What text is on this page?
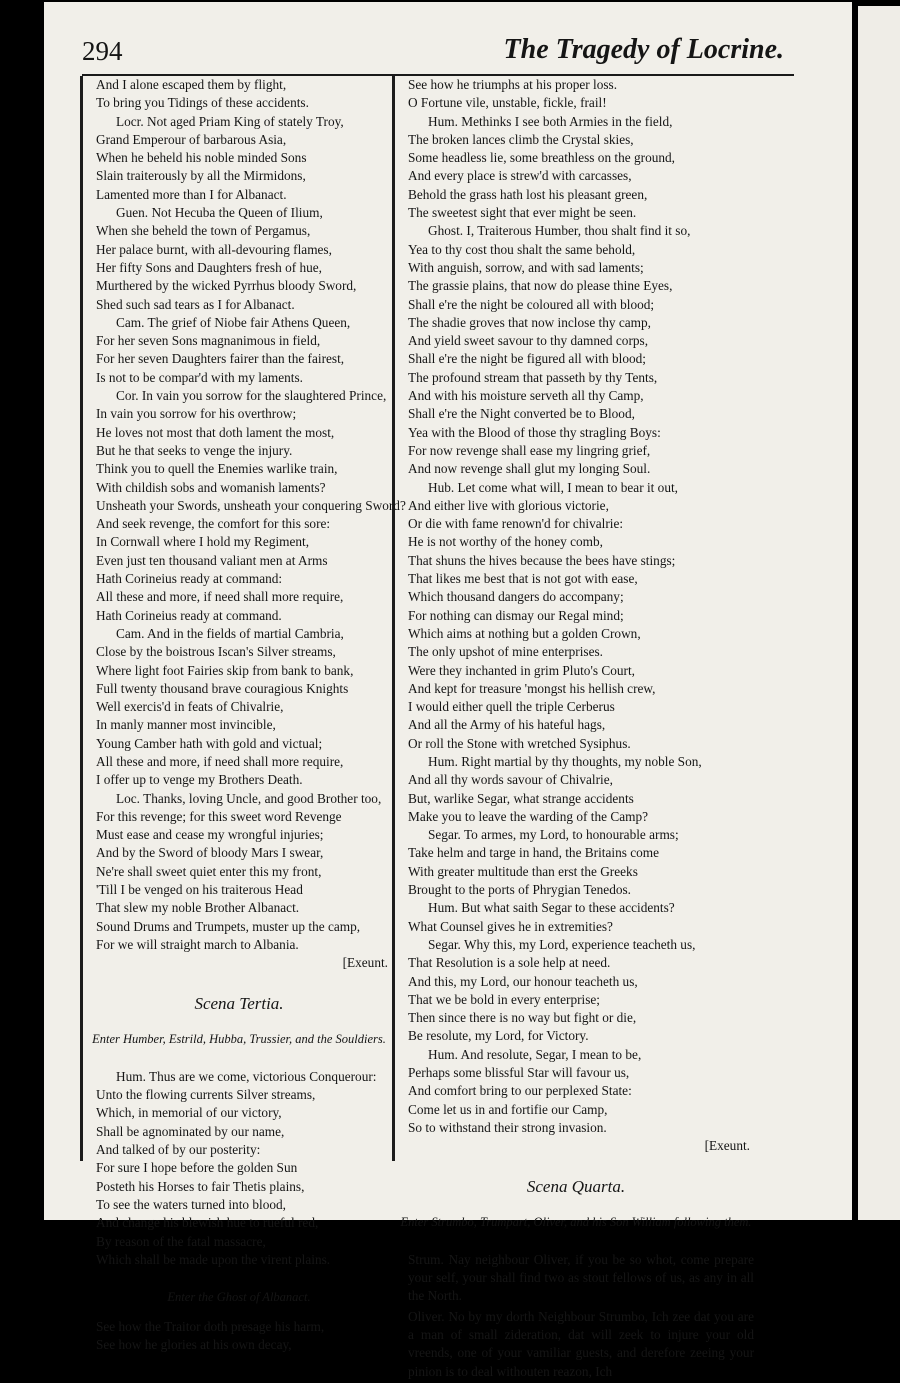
294	The Tragedy of Locrine.
And I alone escaped them by flight,
To bring you Tidings of these accidents.
Locr. Not aged Priam King of stately Troy,
Grand Emperour of barbarous Asia,
When he beheld his noble minded Sons
Slain traiterously by all the Mirmidons,
Lamented more than I for Albanact.
Guen. Not Hecuba the Queen of Ilium,
When she beheld the town of Pergamus,
Her palace burnt, with all-devouring flames,
Her fifty Sons and Daughters fresh of hue,
Murthered by the wicked Pyrrhus bloody Sword,
Shed such sad tears as I for Albanact.
Cam. The grief of Niobe fair Athens Queen,
For her seven Sons magnanimous in field,
For her seven Daughters fairer than the fairest,
Is not to be compar'd with my laments.
Cor. In vain you sorrow for the slaughtered Prince,
In vain you sorrow for his overthrow;
He loves not most that doth lament the most,
But he that seeks to venge the injury.
Think you to quell the Enemies warlike train,
With childish sobs and womanish laments?
Unsheath your Swords, unsheath your conquering Sword?
And seek revenge, the comfort for this sore:
In Cornwall where I hold my Regiment,
Even just ten thousand valiant men at Arms
Hath Corineius ready at command:
All these and more, if need shall more require,
Hath Corineius ready at command.
Cam. And in the fields of martial Cambria,
Close by the boistrous Iscan's Silver streams,
Where light foot Fairies skip from bank to bank,
Full twenty thousand brave couragious Knights
Well exercis'd in feats of Chivalrie,
In manly manner most invincible,
Young Camber hath with gold and victual;
All these and more, if need shall more require,
I offer up to venge my Brothers Death.
Loc. Thanks, loving Uncle, and good Brother too,
For this revenge; for this sweet word Revenge
Must ease and cease my wrongful injuries;
And by the Sword of bloody Mars I swear,
Ne're shall sweet quiet enter this my front,
'Till I be venged on his traiterous Head
That slew my noble Brother Albanact.
Sound Drums and Trumpets, muster up the camp,
For we will straight march to Albania.
[Exeunt.
Scena Tertia.
Enter Humber, Estrild, Hubba, Trussier, and the Souldiers.
Hum. Thus are we come, victorious Conquerour:
Unto the flowing currents Silver streams,
Which, in memorial of our victory,
Shall be agnominated by our name,
And talked of by our posterity:
For sure I hope before the golden Sun
Posteth his Horses to fair Thetis plains,
To see the waters turned into blood,
And change his blewish hue to rueful red,
By reason of the fatal massacre,
Which shall be made upon the virent plains.
Enter the Ghost of Albanact.
See how the Traitor doth presage his harm,
See how he glories at his own decay,
See how he triumphs at his proper loss.
O Fortune vile, unstable, fickle, frail!
Hum. Methinks I see both Armies in the field,
The broken lances climb the Crystal skies,
Some headless lie, some breathless on the ground,
And every place is strew'd with carcasses,
Behold the grass hath lost his pleasant green,
The sweetest sight that ever might be seen.
Ghost. I, Traiterous Humber, thou shalt find it so,
Yea to thy cost thou shalt the same behold,
With anguish, sorrow, and with sad laments;
The grassie plains, that now do please thine Eyes,
Shall e're the night be coloured all with blood;
The shadie groves that now inclose thy camp,
And yield sweet savour to thy damned corps,
Shall e're the night be figured all with blood;
The profound stream that passeth by thy Tents,
And with his moisture serveth all thy Camp,
Shall e're the Night converted be to Blood,
Yea with the Blood of those thy stragling Boys:
For now revenge shall ease my lingring grief,
And now revenge shall glut my longing Soul.
Hub. Let come what will, I mean to bear it out,
And either live with glorious victorie,
Or die with fame renown'd for chivalrie:
He is not worthy of the honey comb,
That shuns the hives because the bees have stings;
That likes me best that is not got with ease,
Which thousand dangers do accompany;
For nothing can dismay our Regal mind;
Which aims at nothing but a golden Crown,
The only upshot of mine enterprises.
Were they inchanted in grim Pluto's Court,
And kept for treasure 'mongst his hellish crew,
I would either quell the triple Cerberus
And all the Army of his hateful hags,
Or roll the Stone with wretched Sysiphus.
Hum. Right martial by thy thoughts, my noble Son,
And all thy words savour of Chivalrie,
But, warlike Segar, what strange accidents
Make you to leave the warding of the Camp?
Segar. To armes, my Lord, to honourable arms;
Take helm and targe in hand, the Britains come
With greater multitude than erst the Greeks
Brought to the ports of Phrygian Tenedos.
Hum. But what saith Segar to these accidents?
What Counsel gives he in extremities?
Segar. Why this, my Lord, experience teacheth us,
That Resolution is a sole help at need.
And this, my Lord, our honour teacheth us,
That we be bold in every enterprise;
Then since there is no way but fight or die,
Be resolute, my Lord, for Victory.
Hum. And resolute, Segar, I mean to be,
Perhaps some blissful Star will favour us,
And comfort bring to our perplexed State:
Come let us in and fortifie our Camp,
So to withstand their strong invasion.
[Exeunt.
Scena Quarta.
Enter Strumbo, Trumpart, Oliver, and his Son William following them.
Strum. Nay neighbour Oliver, if you be so whot, come prepare your self, your shall find two as stout fellows of us, as any in all the North.
Oliver. No by my dorth Neighbour Strumbo, Ich zee dat you are a man of small zideration, dat will zeek to injure your old vreends, one of your vamiliar guests, and derefore zeeing your pinion is to deal withouten reazon, Ich
